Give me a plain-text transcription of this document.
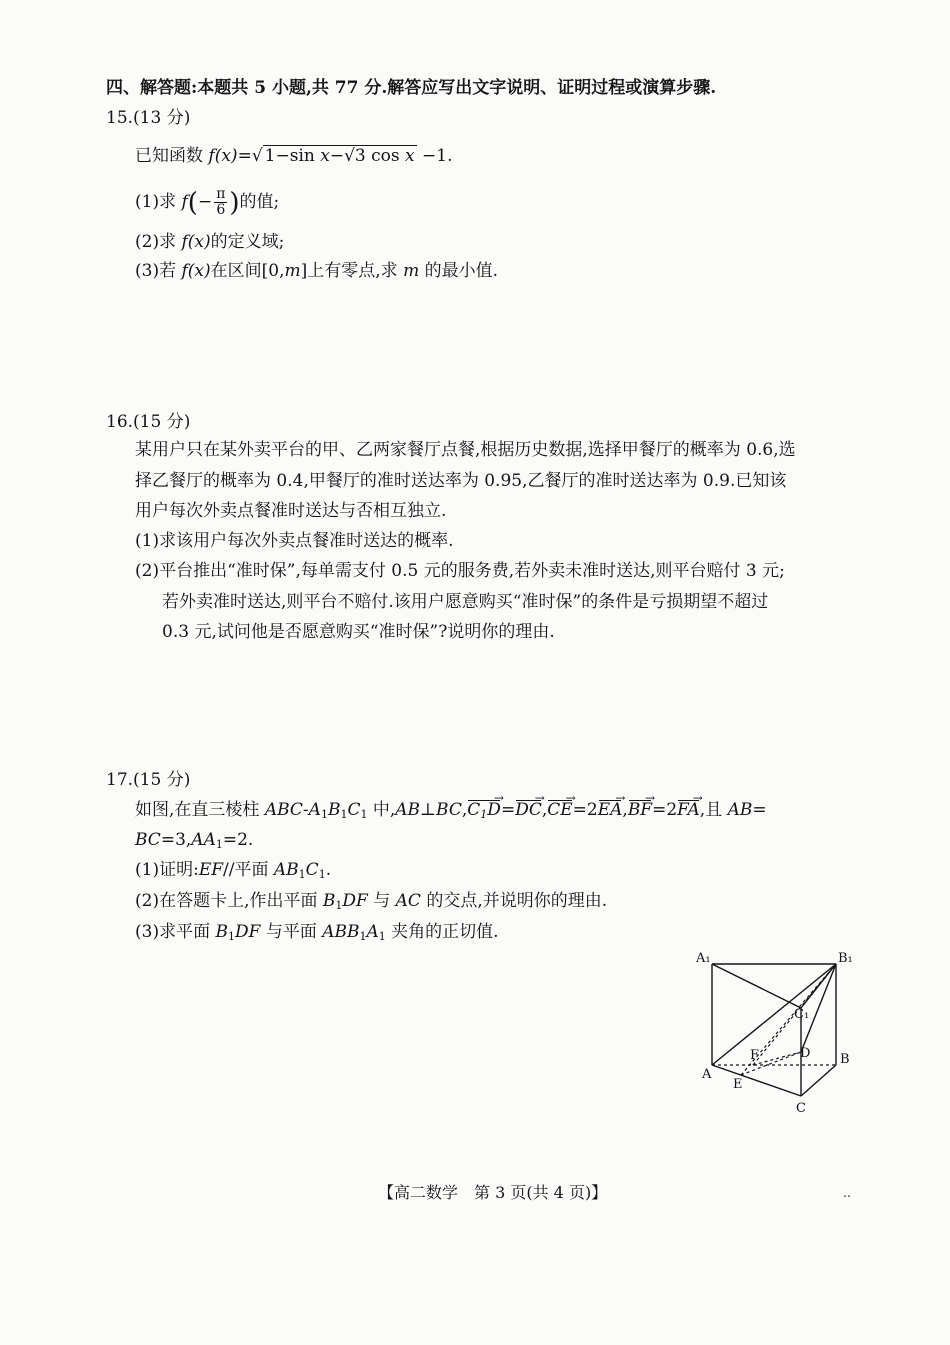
四、解答题:本题共 5 小题,共 77 分.解答应写出文字说明、证明过程或演算步骤.
15.(13 分)
已知函数 f(x)=√ 1−sin x−√3 cos x −1.
(1)求 $f(- \frac{\pi}{6}$ )的值;
(2)求 f(x)的定义域;
(3)若 f(x)在区间[0,m]上有零点,求 m 的最小值.
16.(15 分)
某用户只在某外卖平台的甲、乙两家餐厅点餐,根据历史数据,选择甲餐厅的概率为 0.6,选
择乙餐厅的概率为 0.4,甲餐厅的准时送达率为 0.95,乙餐厅的准时送达率为 0.9.已知该
用户每次外卖点餐准时送达与否相互独立.
(1)求该用户每次外卖点餐准时送达的概率.
(2)平台推出“准时保”,每单需支付 0.5 元的服务费,若外卖未准时送达,则平台赔付 3 元;
若外卖准时送达,则平台不赔付.该用户愿意购买“准时保”的条件是亏损期望不超过
0.3 元,试问他是否愿意购买“准时保”?说明你的理由.
17.(15 分)
如图,在直三棱柱 ABC-$A_1B_1C_1$ 中$,AB\perp BC,C_1D \to=DC \to,CE \to=2EA \to,BF \to=2FA$ →,且 AB=
$BC=3,AA_1=2$.
(1)证明:EF//平面 $AB_1C_1$.
(2)在答题卡上,作出平面 $B_1DF$ 与 AC 的交点,并说明你的理由.
(3)求平面 $B_1DF$ 与平面 $ABB_1A_1$ 夹角的正切值.
A₁	B₁
C₁
A
B
C
D
E
F
【高二数学　第 3 页(共 4 页)】	‥
